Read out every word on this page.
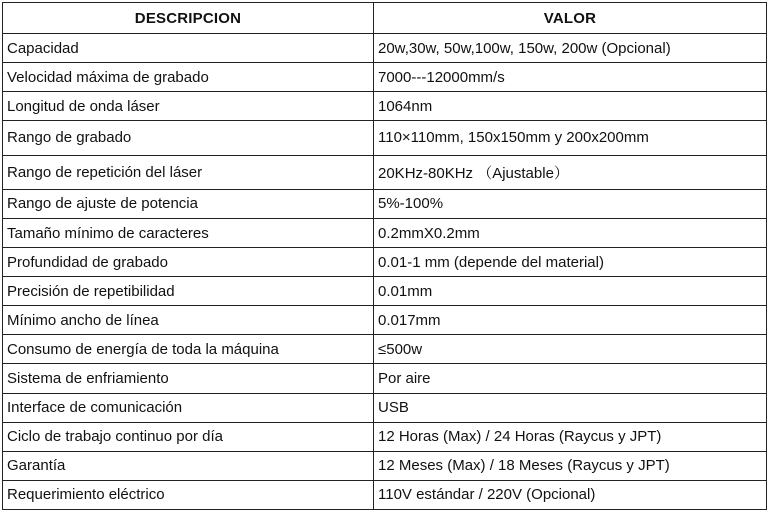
DESCRIPCION	VALOR
Capacidad	20w,30w, 50w,100w, 150w, 200w (Opcional)
Velocidad máxima de grabado	7000---12000mm/s
Longitud de onda láser	1064nm
Rango de grabado	110×110mm, 150x150mm y 200x200mm
Rango de repetición del láser	20KHz-80KHz （Ajustable）
Rango de ajuste de potencia	5%-100%
Tamaño mínimo de caracteres	0.2mmX0.2mm
Profundidad de grabado	0.01-1 mm (depende del material)
Precisión de repetibilidad	0.01mm
Mínimo ancho de línea	0.017mm
Consumo de energía de toda la máquina	≤500w
Sistema de enfriamiento	Por aire
Interface de comunicación	USB
Ciclo de trabajo continuo por día	12 Horas (Max) / 24 Horas (Raycus y JPT)
Garantía	12 Meses (Max) / 18 Meses (Raycus y JPT)
Requerimiento eléctrico	110V estándar / 220V (Opcional)
